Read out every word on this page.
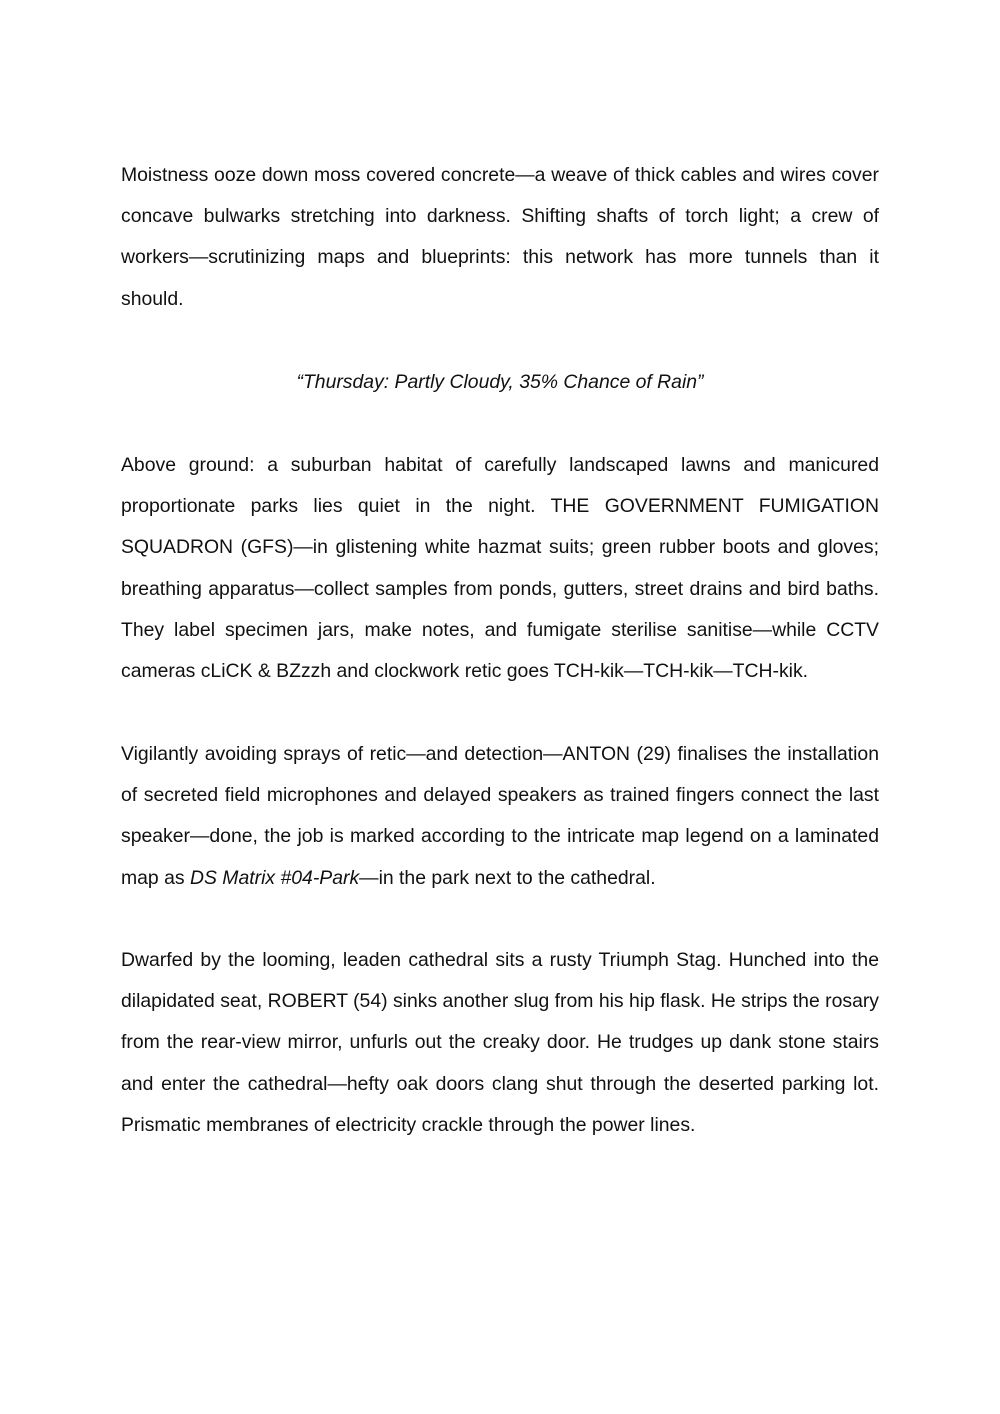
Moistness ooze down moss covered concrete—a weave of thick cables and wires cover concave bulwarks stretching into darkness. Shifting shafts of torch light; a crew of workers—scrutinizing maps and blueprints: this network has more tunnels than it should.

“Thursday: Partly Cloudy, 35% Chance of Rain”

Above ground: a suburban habitat of carefully landscaped lawns and manicured proportionate parks lies quiet in the night. THE GOVERNMENT FUMIGATION SQUADRON (GFS)—in glistening white hazmat suits; green rubber boots and gloves; breathing apparatus—collect samples from ponds, gutters, street drains and bird baths. They label specimen jars, make notes, and fumigate sterilise sanitise—while CCTV cameras cLiCK & BZzzh and clockwork retic goes TCH-kik—TCH-kik—TCH-kik.

Vigilantly avoiding sprays of retic—and detection—ANTON (29) finalises the installation of secreted field microphones and delayed speakers as trained fingers connect the last speaker—done, the job is marked according to the intricate map legend on a laminated map as DS Matrix #04-Park—in the park next to the cathedral.

Dwarfed by the looming, leaden cathedral sits a rusty Triumph Stag. Hunched into the dilapidated seat, ROBERT (54) sinks another slug from his hip flask. He strips the rosary from the rear-view mirror, unfurls out the creaky door. He trudges up dank stone stairs and enter the cathedral—hefty oak doors clang shut through the deserted parking lot. Prismatic membranes of electricity crackle through the power lines.
